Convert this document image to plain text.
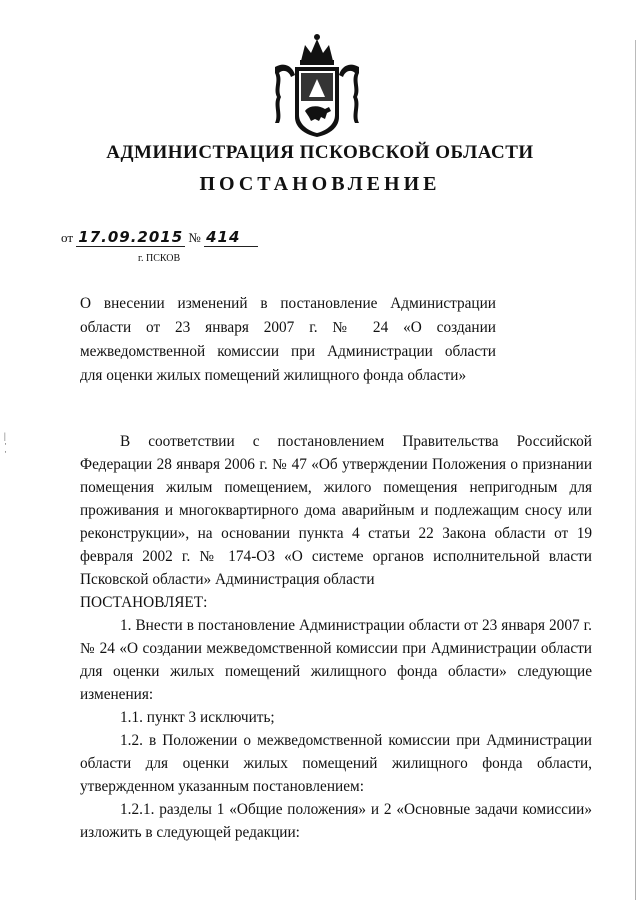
АДМИНИСТРАЦИЯ ПСКОВСКОЙ ОБЛАСТИ
ПОСТАНОВЛЕНИЕ
от 17.09.2015 № 414
г. ПСКОВ
О внесении изменений в постановление Администрации
области от 23 января 2007 г. № 24 «О создании
межведомственной комиссии при Администрации области
для оценки жилых помещений жилищного фонда области»
|
·
·

В соответствии с постановлением Правительства Российской Федерации 28 января 2006 г. № 47 «Об утверждении Положения о признании помещения жилым помещением, жилого помещения непригодным для проживания и многоквартирного дома аварийным и подлежащим сносу или реконструкции», на основании пункта 4 статьи 22 Закона области от 19 февраля 2002 г. № 174-ОЗ «О системе органов исполнительной власти Псковской области» Администрация области

ПОСТАНОВЛЯЕТ:

1. Внести в постановление Администрации области от 23 января 2007 г. № 24 «О создании межведомственной комиссии при Администрации области для оценки жилых помещений жилищного фонда области» следующие изменения:

1.1. пункт 3 исключить;

1.2. в Положении о межведомственной комиссии при Администрации области для оценки жилых помещений жилищного фонда области, утвержденном указанным постановлением:

1.2.1. разделы 1 «Общие положения» и 2 «Основные задачи комиссии» изложить в следующей редакции:
